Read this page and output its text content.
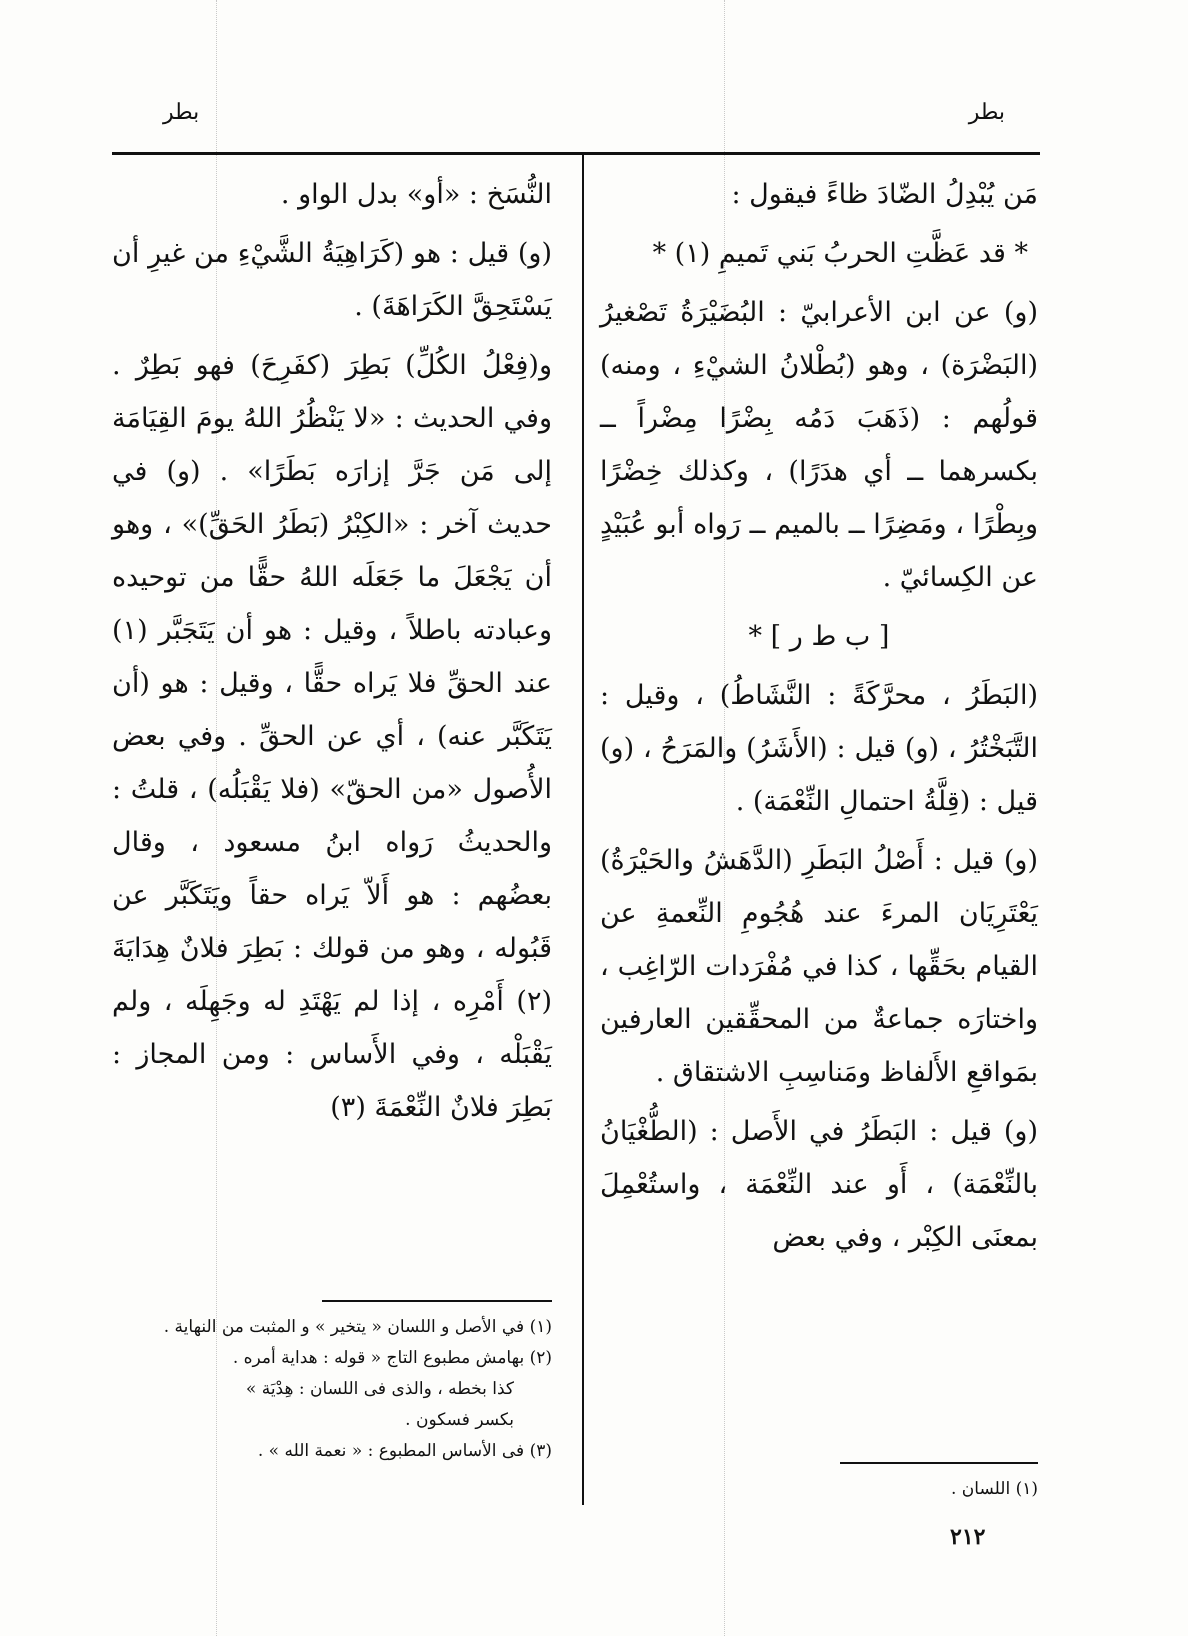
بطر
بطر

مَن يُبْدِلُ الضّادَ ظاءً فيقول :

* قد عَظَّتِ الحربُ بَني تَميمِ (١) *

(و) عن ابن الأعرابيّ : البُضَيْرَةُ تَصْغيرُ (البَضْرَة) ، وهو (بُطْلانُ الشيْءِ ، ومنه) قولُهم : (ذَهَبَ دَمُه بِضْرًا مِضْراً ــ بكسرهما ــ أي هدَرًا) ، وكذلك خِضْرًا وبِطْرًا ، ومَضِرًا ــ بالميم ــ رَواه أبو عُبَيْدٍ عن الكِسائيّ .

[ ب ط ر ] *

(البَطَرُ ، محرَّكَةً : النَّشَاطُ) ، وقيل : التَّبَخْتُرُ ، (و) قيل : (الأَشَرُ) والمَرَحُ ، (و) قيل : (قِلَّةُ احتمالِ النِّعْمَة) .

(و) قيل : أَصْلُ البَطَرِ (الدَّهَشُ والحَيْرَةُ) يَعْتَرِيَان المرءَ عند هُجُومِ النِّعمةِ عن القيام بحَقِّها ، كذا في مُفْرَدات الرّاغِب ، واختارَه جماعةٌ من المحقِّقين العارفين بمَواقعِ الأَلفاظ ومَناسِبِ الاشتقاق .

(و) قيل : البَطَرُ في الأَصل : (الطُّغْيَانُ بالنِّعْمَة) ، أَو عند النِّعْمَة ، واستُعْمِلَ بمعنَى الكِبْر ، وفي بعض

النُّسَخ : «أو» بدل الواو .

(و) قيل : هو (كَرَاهِيَةُ الشَّيْءِ من غيرِ أن يَسْتَحِقَّ الكَرَاهَةَ) .

و(فِعْلُ الكُلِّ) بَطِرَ (كفَرِحَ) فهو بَطِرٌ . وفي الحديث : «لا يَنْظُرُ اللهُ يومَ القِيَامَة إلى مَن جَرَّ إزارَه بَطَرًا» . (و) في حديث آخر : «الكِبْرُ (بَطَرُ الحَقِّ)» ، وهو أن يَجْعَلَ ما جَعَلَه اللهُ حقًّا من توحيده وعبادته باطلاً ، وقيل : هو أن يَتَجَبَّر (١) عند الحقِّ فلا يَراه حقًّا ، وقيل : هو (أن يَتَكَبَّر عنه) ، أي عن الحقِّ . وفي بعض الأُصول «من الحقّ» (فلا يَقْبَلُه) ، قلتُ : والحديثُ رَواه ابنُ مسعود ، وقال بعضُهم : هو أَلاّ يَراه حقاً ويَتَكَبَّر عن قَبُوله ، وهو من قولك : بَطِرَ فلانٌ هِدَايَةَ (٢) أَمْرِه ، إذا لم يَهْتَدِ له وجَهِلَه ، ولم يَقْبَلْه ، وفي الأَساس : ومن المجاز : بَطِرَ فلانٌ النِّعْمَةَ (٣)

(١) في الأصل و اللسان « يتخير » و المثبت من النهاية .
(٢) بهامش مطبوع التاج « قوله : هداية أمره .
كذا بخطه ، والذى فى اللسان : هِدْيَة »
بكسر فسكون .
(٣) فى الأساس المطبوع : « نعمة الله » .
(١) اللسان .
٢١٢
